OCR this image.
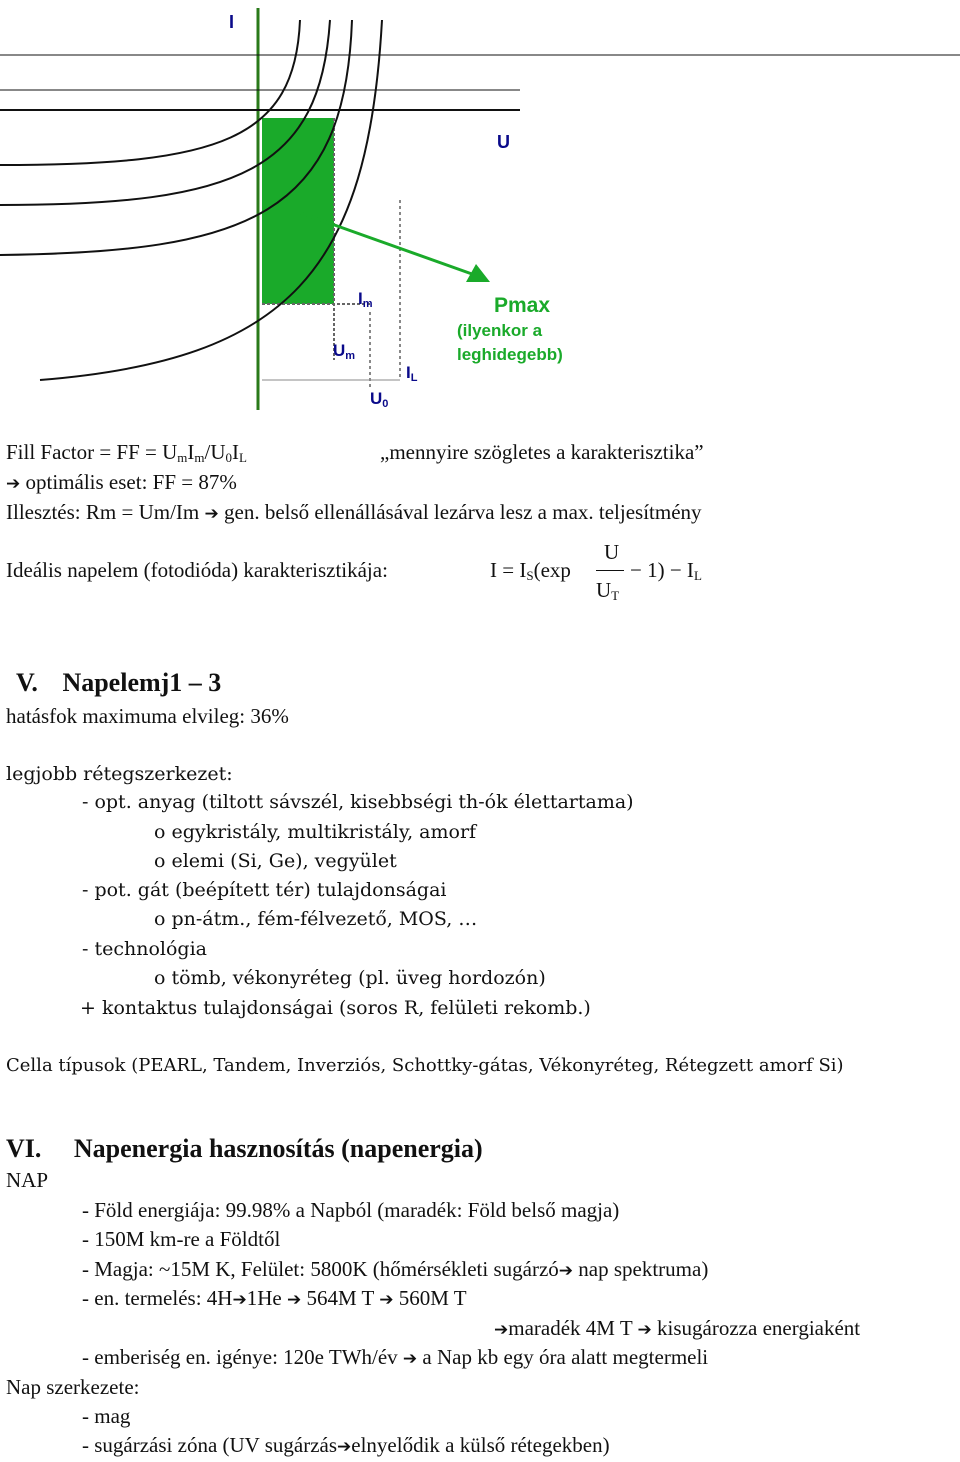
I
U
Im
Um
IL
U0
Pmax
(ilyenkor a
leghidegebb)
Fill Factor = FF = $U_mI_m/U_0I_L$	„mennyire szögletes a karakterisztika”
➔ optimális eset: FF = 87%
Illesztés: Rm = Um/Im ➔ gen. belső ellenállásával lezárva lesz a max. teljesítmény
Ideális napelem (fotodióda) karakterisztikája:	$I = I_S(\exp$
U
$U_T$
− $1) - I_L$
V. Napelemj1 – 3
hatásfok maximuma elvileg: 36%
legjobb rétegszerkezet:
- opt. anyag (tiltott sávszél, kisebbségi th-ók élettartama)
o egykristály, multikristály, amorf
o elemi (Si, Ge), vegyület
- pot. gát (beépített tér) tulajdonságai
o pn-átm., fém-félvezető, MOS, …
- technológia
o tömb, vékonyréteg (pl. üveg hordozón)
+ kontaktus tulajdonságai (soros R, felületi rekomb.)
Cella típusok (PEARL, Tandem, Inverziós, Schottky-gátas, Vékonyréteg, Rétegzett amorf Si)
VI. Napenergia hasznosítás (napenergia)
NAP
- Föld energiája: 99.98% a Napból (maradék: Föld belső magja)
- 150M km-re a Földtől
- Magja: ~15M K, Felület: 5800K (hőmérsékleti sugárzó➔ nap spektruma)
- en. termelés: 4H➔1He ➔ 564M T ➔ 560M T
➔maradék 4M T ➔ kisugározza energiaként
- emberiség en. igénye: 120e TWh/év ➔ a Nap kb egy óra alatt megtermeli
Nap szerkezete:
- mag
- sugárzási zóna (UV sugárzás➔elnyelődik a külső rétegekben)
